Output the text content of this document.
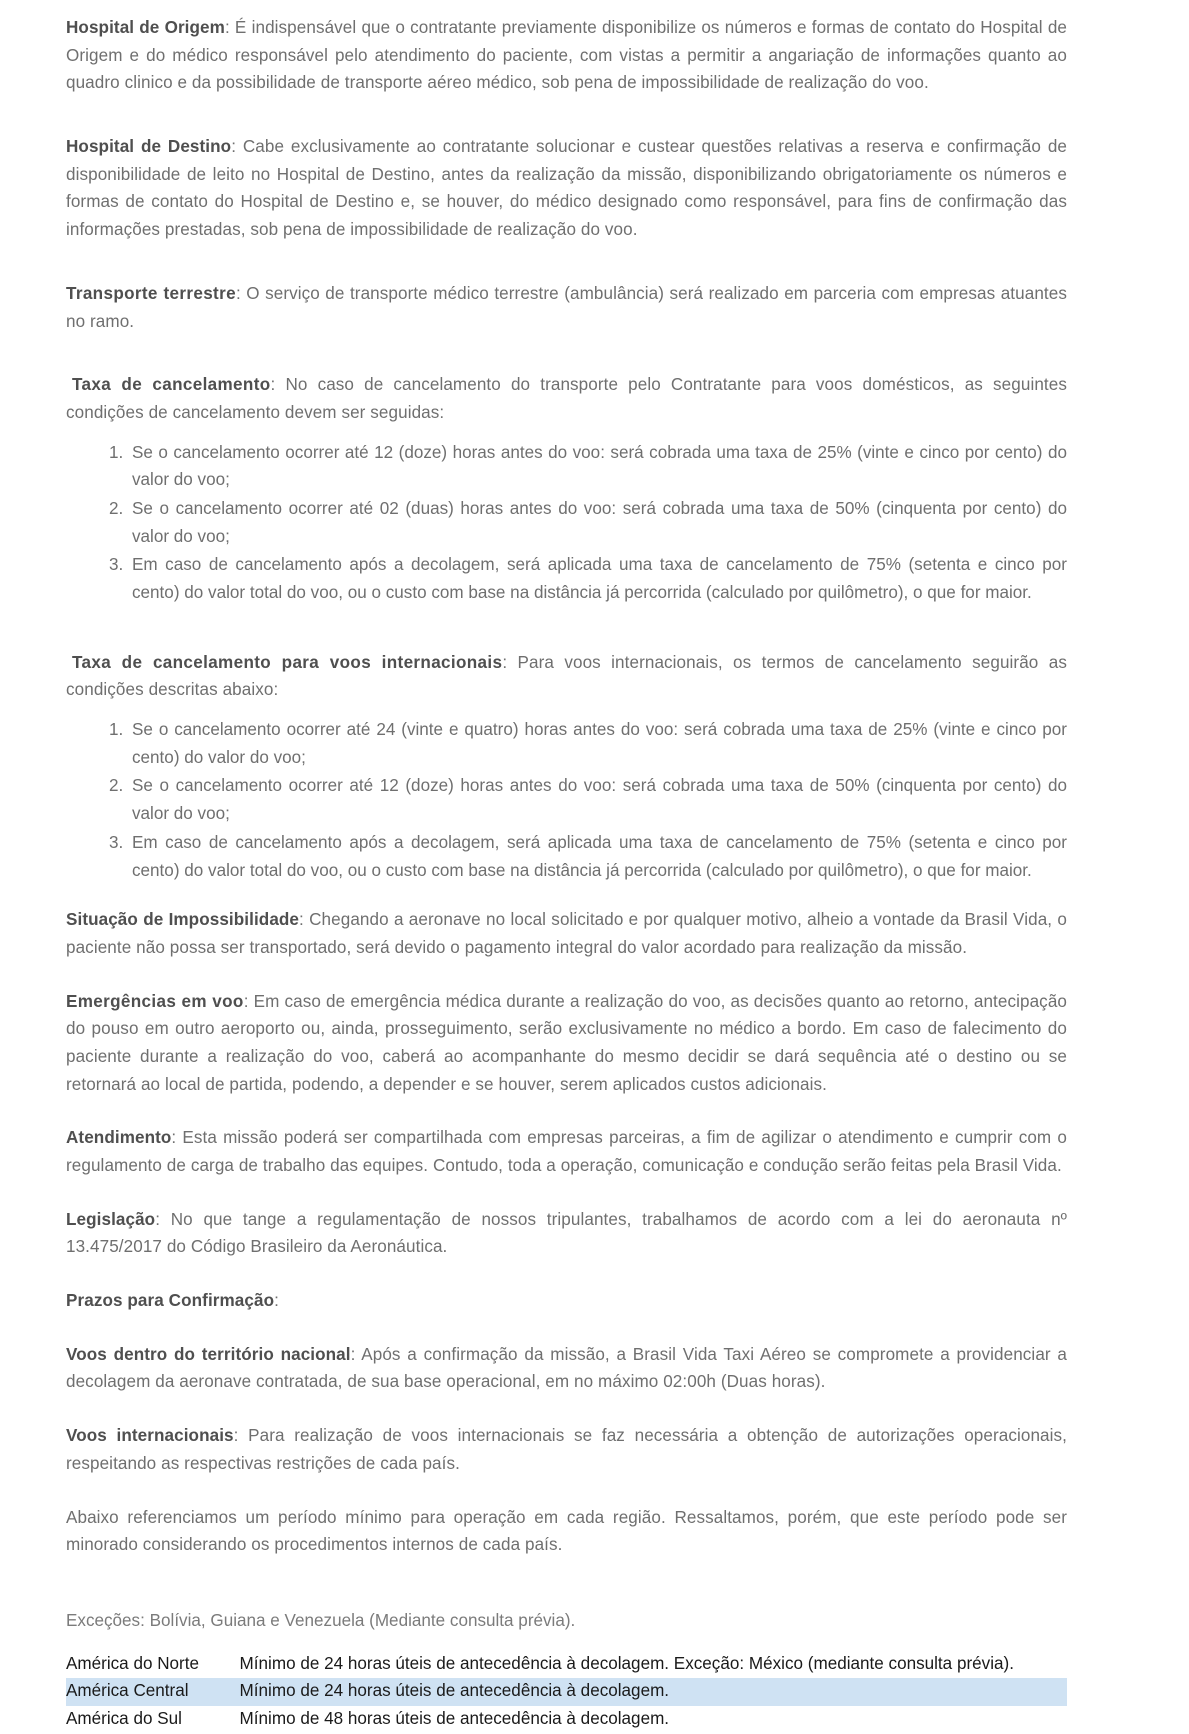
Hospital de Origem: É indispensável que o contratante previamente disponibilize os números e formas de contato do Hospital de Origem e do médico responsável pelo atendimento do paciente, com vistas a permitir a angariação de informações quanto ao quadro clinico e da possibilidade de transporte aéreo médico, sob pena de impossibilidade de realização do voo.

Hospital de Destino: Cabe exclusivamente ao contratante solucionar e custear questões relativas a reserva e confirmação de disponibilidade de leito no Hospital de Destino, antes da realização da missão, disponibilizando obrigatoriamente os números e formas de contato do Hospital de Destino e, se houver, do médico designado como responsável, para fins de confirmação das informações prestadas, sob pena de impossibilidade de realização do voo.

Transporte terrestre: O serviço de transporte médico terrestre (ambulância) será realizado em parceria com empresas atuantes no ramo.

Taxa de cancelamento: No caso de cancelamento do transporte pelo Contratante para voos domésticos, as seguintes condições de cancelamento devem ser seguidas:

1. Se o cancelamento ocorrer até 12 (doze) horas antes do voo: será cobrada uma taxa de 25% (vinte e cinco por cento) do valor do voo;
2. Se o cancelamento ocorrer até 02 (duas) horas antes do voo: será cobrada uma taxa de 50% (cinquenta por cento) do valor do voo;
3. Em caso de cancelamento após a decolagem, será aplicada uma taxa de cancelamento de 75% (setenta e cinco por cento) do valor total do voo, ou o custo com base na distância já percorrida (calculado por quilômetro), o que for maior.

Taxa de cancelamento para voos internacionais: Para voos internacionais, os termos de cancelamento seguirão as condições descritas abaixo:

1. Se o cancelamento ocorrer até 24 (vinte e quatro) horas antes do voo: será cobrada uma taxa de 25% (vinte e cinco por cento) do valor do voo;
2. Se o cancelamento ocorrer até 12 (doze) horas antes do voo: será cobrada uma taxa de 50% (cinquenta por cento) do valor do voo;
3. Em caso de cancelamento após a decolagem, será aplicada uma taxa de cancelamento de 75% (setenta e cinco por cento) do valor total do voo, ou o custo com base na distância já percorrida (calculado por quilômetro), o que for maior.

Situação de Impossibilidade: Chegando a aeronave no local solicitado e por qualquer motivo, alheio a vontade da Brasil Vida, o paciente não possa ser transportado, será devido o pagamento integral do valor acordado para realização da missão.

Emergências em voo: Em caso de emergência médica durante a realização do voo, as decisões quanto ao retorno, antecipação do pouso em outro aeroporto ou, ainda, prosseguimento, serão exclusivamente no médico a bordo. Em caso de falecimento do paciente durante a realização do voo, caberá ao acompanhante do mesmo decidir se dará sequência até o destino ou se retornará ao local de partida, podendo, a depender e se houver, serem aplicados custos adicionais.

Atendimento: Esta missão poderá ser compartilhada com empresas parceiras, a fim de agilizar o atendimento e cumprir com o regulamento de carga de trabalho das equipes. Contudo, toda a operação, comunicação e condução serão feitas pela Brasil Vida.

Legislação: No que tange a regulamentação de nossos tripulantes, trabalhamos de acordo com a lei do aeronauta nº 13.475/2017 do Código Brasileiro da Aeronáutica.

Prazos para Confirmação:

Voos dentro do território nacional: Após a confirmação da missão, a Brasil Vida Taxi Aéreo se compromete a providenciar a decolagem da aeronave contratada, de sua base operacional, em no máximo 02:00h (Duas horas).

Voos internacionais: Para realização de voos internacionais se faz necessária a obtenção de autorizações operacionais, respeitando as respectivas restrições de cada país.

Abaixo referenciamos um período mínimo para operação em cada região. Ressaltamos, porém, que este período pode ser minorado considerando os procedimentos internos de cada país.

Exceções: Bolívia, Guiana e Venezuela (Mediante consulta prévia).

América do Norte	Mínimo de 24 horas úteis de antecedência à decolagem. Exceção: México (mediante consulta prévia).
América Central	Mínimo de 24 horas úteis de antecedência à decolagem.
América do Sul	Mínimo de 48 horas úteis de antecedência à decolagem.
